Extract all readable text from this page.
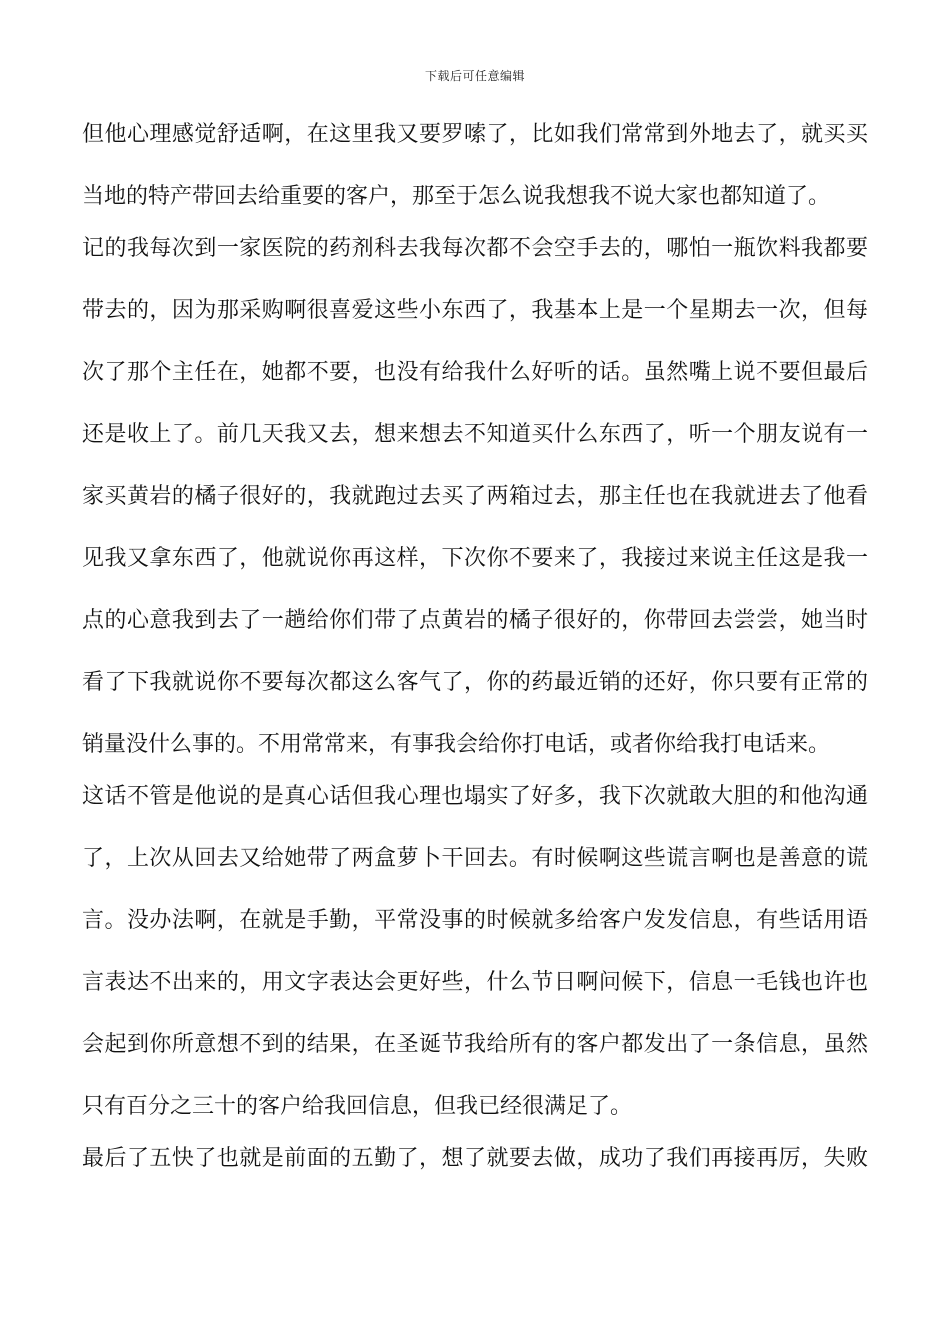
下载后可任意编辑
但他心理感觉舒适啊，在这里我又要罗嗦了，比如我们常常到外地去了，就买买
当地的特产带回去给重要的客户，那至于怎么说我想我不说大家也都知道了。
记的我每次到一家医院的药剂科去我每次都不会空手去的，哪怕一瓶饮料我都要
带去的，因为那采购啊很喜爱这些小东西了，我基本上是一个星期去一次，但每
次了那个主任在，她都不要，也没有给我什么好听的话。虽然嘴上说不要但最后
还是收上了。前几天我又去，想来想去不知道买什么东西了，听一个朋友说有一
家买黄岩的橘子很好的，我就跑过去买了两箱过去，那主任也在我就进去了他看
见我又拿东西了，他就说你再这样，下次你不要来了，我接过来说主任这是我一
点的心意我到去了一趟给你们带了点黄岩的橘子很好的，你带回去尝尝，她当时
看了下我就说你不要每次都这么客气了，你的药最近销的还好，你只要有正常的
销量没什么事的。不用常常来，有事我会给你打电话，或者你给我打电话来。
这话不管是他说的是真心话但我心理也塌实了好多，我下次就敢大胆的和他沟通
了，上次从回去又给她带了两盒萝卜干回去。有时候啊这些谎言啊也是善意的谎
言。没办法啊，在就是手勤，平常没事的时候就多给客户发发信息，有些话用语
言表达不出来的，用文字表达会更好些，什么节日啊问候下，信息一毛钱也许也
会起到你所意想不到的结果，在圣诞节我给所有的客户都发出了一条信息，虽然
只有百分之三十的客户给我回信息，但我已经很满足了。
最后了五快了也就是前面的五勤了，想了就要去做，成功了我们再接再厉，失败
